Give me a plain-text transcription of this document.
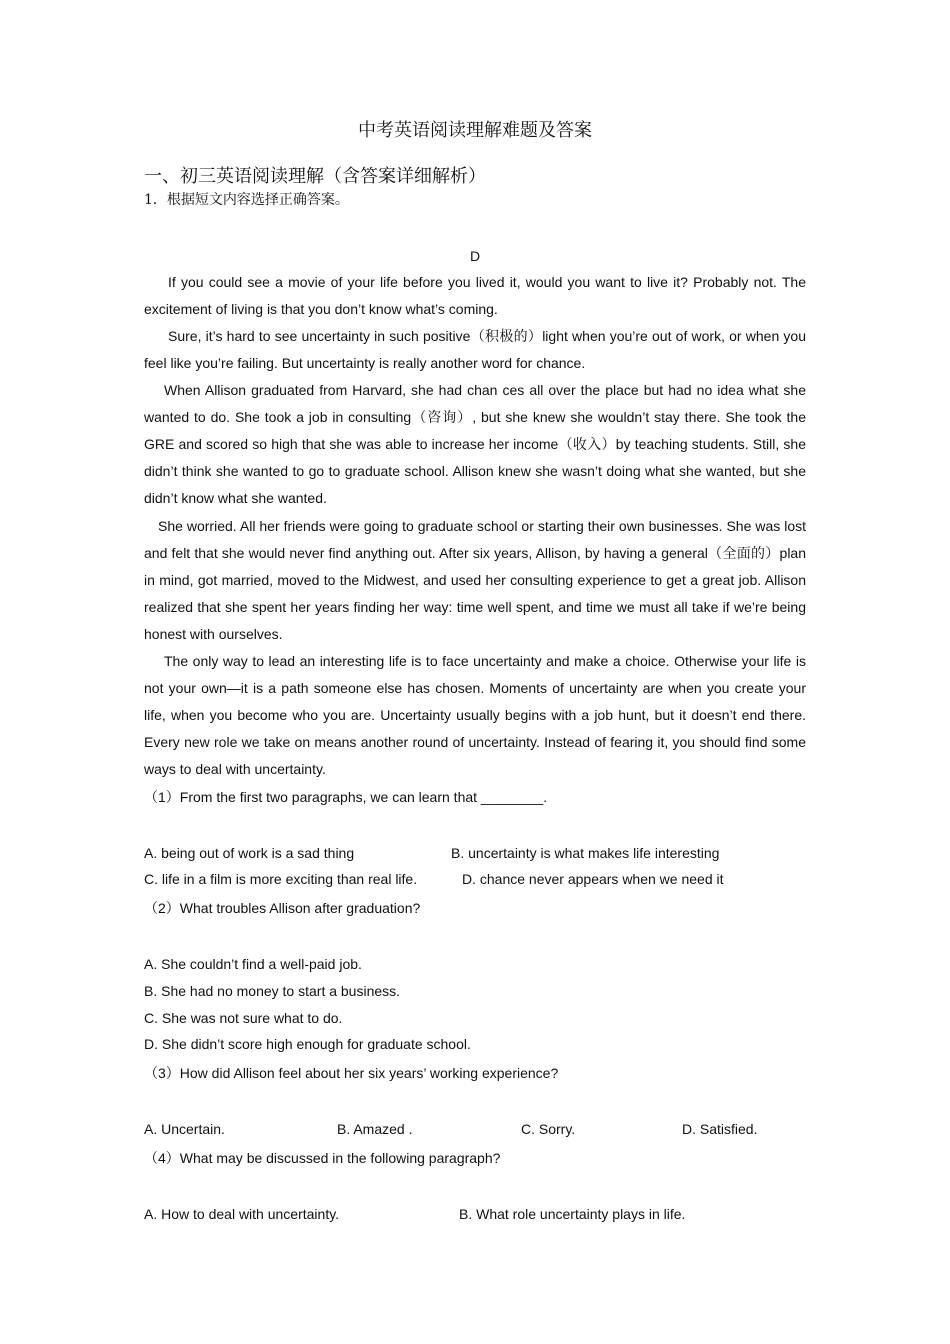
中考英语阅读理解难题及答案
一、初三英语阅读理解（含答案详细解析）
1．根据短文内容选择正确答案。
D
If you could see a movie of your life before you lived it, would you want to live it? Probably not. The excitement of living is that you don’t know what’s coming.
Sure, it’s hard to see uncertainty in such positive（积极的）light when you’re out of work, or when you feel like you’re failing. But uncertainty is really another word for chance.
When Allison graduated from Harvard, she had chan ces all over the place but had no idea what she wanted to do. She took a job in consulting（咨询）, but she knew she wouldn’t stay there. She took the GRE and scored so high that she was able to increase her income（收入）by teaching students. Still, she didn’t think she wanted to go to graduate school. Allison knew she wasn’t doing what she wanted, but she didn’t know what she wanted.
She worried. All her friends were going to graduate school or starting their own businesses. She was lost and felt that she would never find anything out. After six years, Allison, by having a general（全面的）plan in mind, got married, moved to the Midwest, and used her consulting experience to get a great job. Allison realized that she spent her years finding her way: time well spent, and time we must all take if we’re being honest with ourselves.
The only way to lead an interesting life is to face uncertainty and make a choice. Otherwise your life is not your own—it is a path someone else has chosen. Moments of uncertainty are when you create your life, when you become who you are. Uncertainty usually begins with a job hunt, but it doesn’t end there. Every new role we take on means another round of uncertainty. Instead of fearing it, you should find some ways to deal with uncertainty.
（1）From the first two paragraphs, we can learn that ________.
A. being out of work is a sad thing	B. uncertainty is what makes life interesting
C. life in a film is more exciting than real life.	D. chance never appears when we need it
（2）What troubles Allison after graduation?
A. She couldn’t find a well-paid job.
B. She had no money to start a business.
C. She was not sure what to do.
D. She didn’t score high enough for graduate school.
（3）How did Allison feel about her six years’ working experience?
A. Uncertain.	B. Amazed .	C. Sorry.	D. Satisfied.
（4）What may be discussed in the following paragraph?
A. How to deal with uncertainty.	B. What role uncertainty plays in life.
